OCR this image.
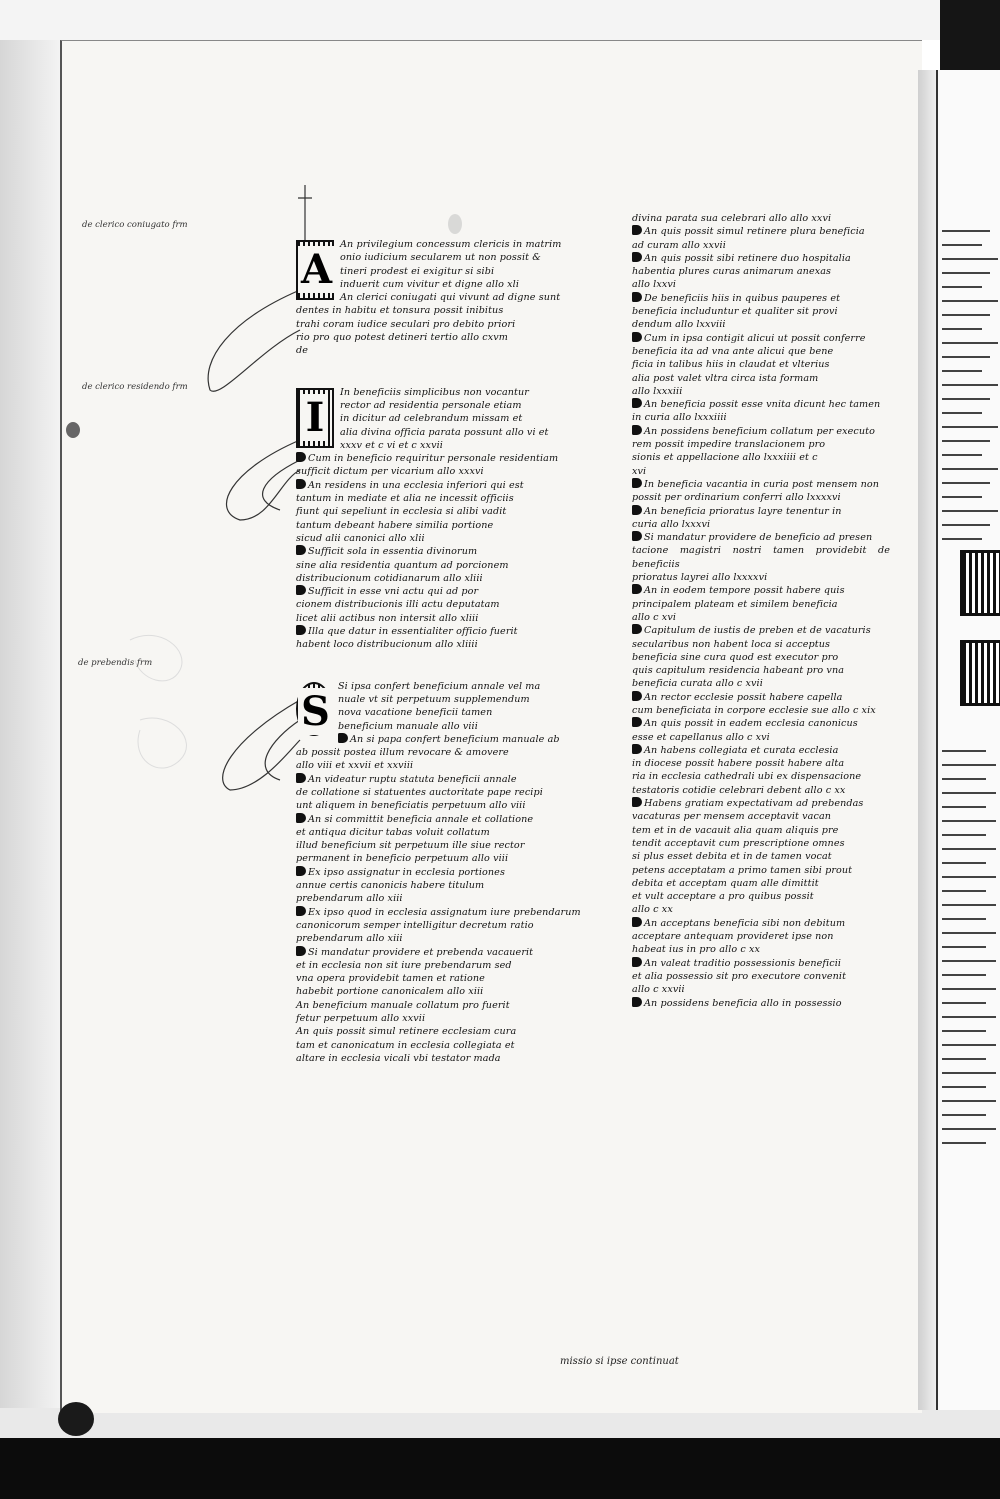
de clerico coniugato frm
de clerico residendo frm
de prebendis frm
A

An privilegium concessum clericis in matrim

onio iudicium secularem ut non possit &

tineri prodest ei exigitur si sibi

induerit cum vivitur et digne allo xli

An clerici coniugati qui vivunt ad digne sunt

dentes in habitu et tonsura possit inibitus

trahi coram iudice seculari pro debito priori

rio pro quo potest detineri tertio allo cxvm

de

I

In beneficiis simplicibus non vocantur

rector ad residentia personale etiam

in dicitur ad celebrandum missam et

alia divina officia parata possunt allo vi et

xxxv et c vi et c xxvii

Cum in beneficio requiritur personale residentiam

sufficit dictum per vicarium allo xxxvi

An residens in una ecclesia inferiori qui est

tantum in mediate et alia ne incessit officiis

fiunt qui sepeliunt in ecclesia si alibi vadit

tantum debeant habere similia portione

sicud alii canonici allo xlii

Sufficit sola in essentia divinorum

sine alia residentia quantum ad porcionem

distribucionum cotidianarum allo xliii

Sufficit in esse vni actu qui ad por

cionem distribucionis illi actu deputatam

licet alii actibus non intersit allo xliii

Illa que datur in essentialiter officio fuerit

habent loco distribucionum allo xliiii

S

Si ipsa confert beneficium annale vel ma

nuale vt sit perpetuum supplemendum

nova vacatione beneficii tamen

beneficium manuale allo viii

An si papa confert beneficium manuale ab

ab possit postea illum revocare & amovere

allo viii et xxvii et xxviii

An videatur ruptu statuta beneficii annale

de collatione si statuentes auctoritate pape recipi

unt aliquem in beneficiatis perpetuum allo viii

An si committit beneficia annale et collatione

et antiqua dicitur tabas voluit collatum

illud beneficium sit perpetuum ille siue rector

permanent in beneficio perpetuum allo viii

Ex ipso assignatur in ecclesia portiones

annue certis canonicis habere titulum

prebendarum allo xiii

Ex ipso quod in ecclesia assignatum iure prebendarum

canonicorum semper intelligitur decretum ratio

prebendarum allo xiii

Si mandatur providere et prebenda vacauerit

et in ecclesia non sit iure prebendarum sed

vna opera providebit tamen et ratione

habebit portione canonicalem allo xiii

An beneficium manuale collatum pro fuerit

fetur perpetuum allo xxvii

An quis possit simul retinere ecclesiam cura

tam et canonicatum in ecclesia collegiata et

altare in ecclesia vicali vbi testator mada

divina parata sua celebrari allo allo xxvi

An quis possit simul retinere plura beneficia

ad curam allo xxvii

An quis possit sibi retinere duo hospitalia

habentia plures curas animarum anexas

allo lxxvi

De beneficiis hiis in quibus pauperes et

beneficia includuntur et qualiter sit provi

dendum allo lxxviii

Cum in ipsa contigit alicui ut possit conferre

beneficia ita ad vna ante alicui que bene

ficia in talibus hiis in claudat et vlterius

alia post valet vltra circa ista formam

allo lxxxiii

An beneficia possit esse vnita dicunt hec tamen

in curia allo lxxxiiii

An possidens beneficium collatum per executo

rem possit impedire translacionem pro

sionis et appellacione allo lxxxiiii et c

xvi

In beneficia vacantia in curia post mensem non

possit per ordinarium conferri allo lxxxxvi

An beneficia prioratus layre tenentur in

curia allo lxxxvi

Si mandatur providere de beneficio ad presen

tacione magistri nostri tamen providebit de beneficiis

prioratus layrei allo lxxxxvi

An in eodem tempore possit habere quis

principalem plateam et similem beneficia

allo c xvi

Capitulum de iustis de preben et de vacaturis

secularibus non habent loca si acceptus

beneficia sine cura quod est executor pro

quis capitulum residencia habeant pro vna

beneficia curata allo c xvii

An rector ecclesie possit habere capella

cum beneficiata in corpore ecclesie sue allo c xix

An quis possit in eadem ecclesia canonicus

esse et capellanus allo c xvi

An habens collegiata et curata ecclesia

in diocese possit habere possit habere alta

ria in ecclesia cathedrali ubi ex dispensacione

testatoris cotidie celebrari debent allo c xx

Habens gratiam expectativam ad prebendas

vacaturas per mensem acceptavit vacan

tem et in de vacauit alia quam aliquis pre

tendit acceptavit cum prescriptione omnes

si plus esset debita et in de tamen vocat

petens acceptatam a primo tamen sibi prout

debita et acceptam quam alle dimittit

et vult acceptare a pro quibus possit

allo c xx

An acceptans beneficia sibi non debitum

acceptare antequam provideret ipse non

habeat ius in pro allo c xx

An valeat traditio possessionis beneficii

et alia possessio sit pro executore convenit

allo c xxvii

An possidens beneficia allo in possessio

missio si ipse continuat
